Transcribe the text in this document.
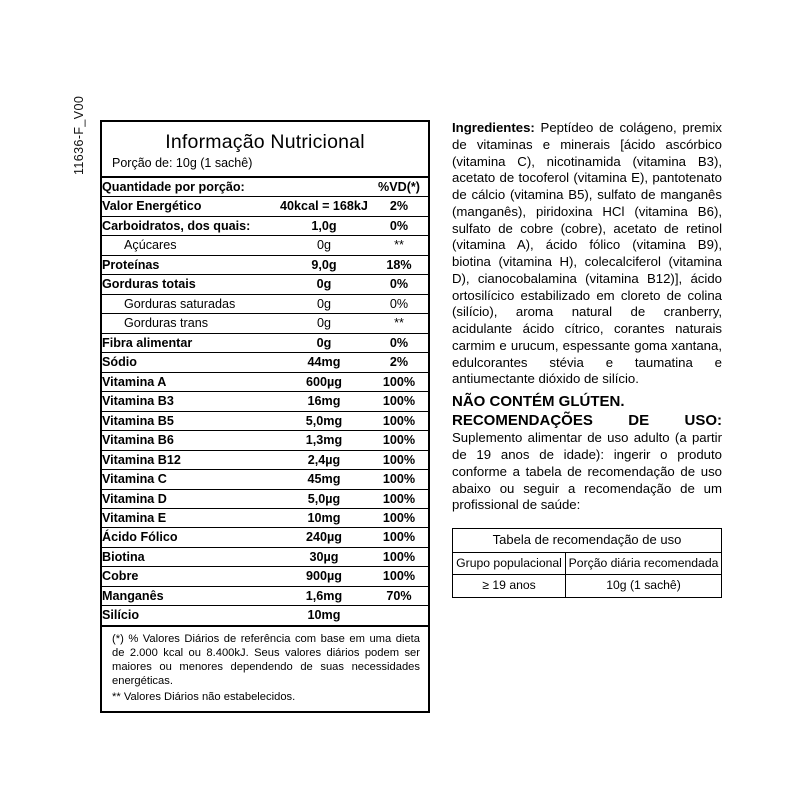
11636-F_V00	Informação Nutricional
Porção de: 10g (1 sachê)
Quantidade por porção:		%VD(*)
Valor Energético	40kcal = 168kJ	2%
Carboidratos, dos quais:	1,0g	0%
Açúcares	0g	**
Proteínas	9,0g	18%
Gorduras totais	0g	0%
Gorduras saturadas	0g	0%
Gorduras trans	0g	**
Fibra alimentar	0g	0%
Sódio	44mg	2%
Vitamina A	600µg	100%
Vitamina B3	16mg	100%
Vitamina B5	5,0mg	100%
Vitamina B6	1,3mg	100%
Vitamina B12	2,4µg	100%
Vitamina C	45mg	100%
Vitamina D	5,0µg	100%
Vitamina E	10mg	100%
Ácido Fólico	240µg	100%
Biotina	30µg	100%
Cobre	900µg	100%
Manganês	1,6mg	70%
Silício	10mg	
(*) % Valores Diários de referência com base em uma dieta de 2.000 kcal ou 8.400kJ. Seus valores diários podem ser maiores ou menores dependendo de suas necessidades energéticas.
** Valores Diários não estabelecidos.

Ingredientes: Peptídeo de colágeno, premix de vitaminas e minerais [ácido ascórbico (vitamina C), nicotinamida (vitamina B3), acetato de tocoferol (vitamina E), pantotenato de cálcio (vitamina B5), sulfato de manganês (manganês), piridoxina HCl (vitamina B6), sulfato de cobre (cobre), acetato de retinol (vitamina A), ácido fólico (vitamina B9), biotina (vitamina H), colecalciferol (vitamina D), cianocobalamina (vitamina B12)], ácido ortosilícico estabilizado em cloreto de colina (silício), aroma natural de cranberry, acidulante ácido cítrico, corantes naturais carmim e urucum, espessante goma xantana, edulcorantes stévia e taumatina e antiumectante dióxido de silício.

NÃO CONTÉM GLÚTEN.

RECOMENDAÇÕES DE USO: Suplemento alimentar de uso adulto (a partir de 19 anos de idade): ingerir o produto conforme a tabela de recomendação de uso abaixo ou seguir a recomendação de um profissional de saúde:

Tabela de recomendação de uso	
Grupo populacional	Porção diária recomendada
≥ 19 anos	10g (1 sachê)
